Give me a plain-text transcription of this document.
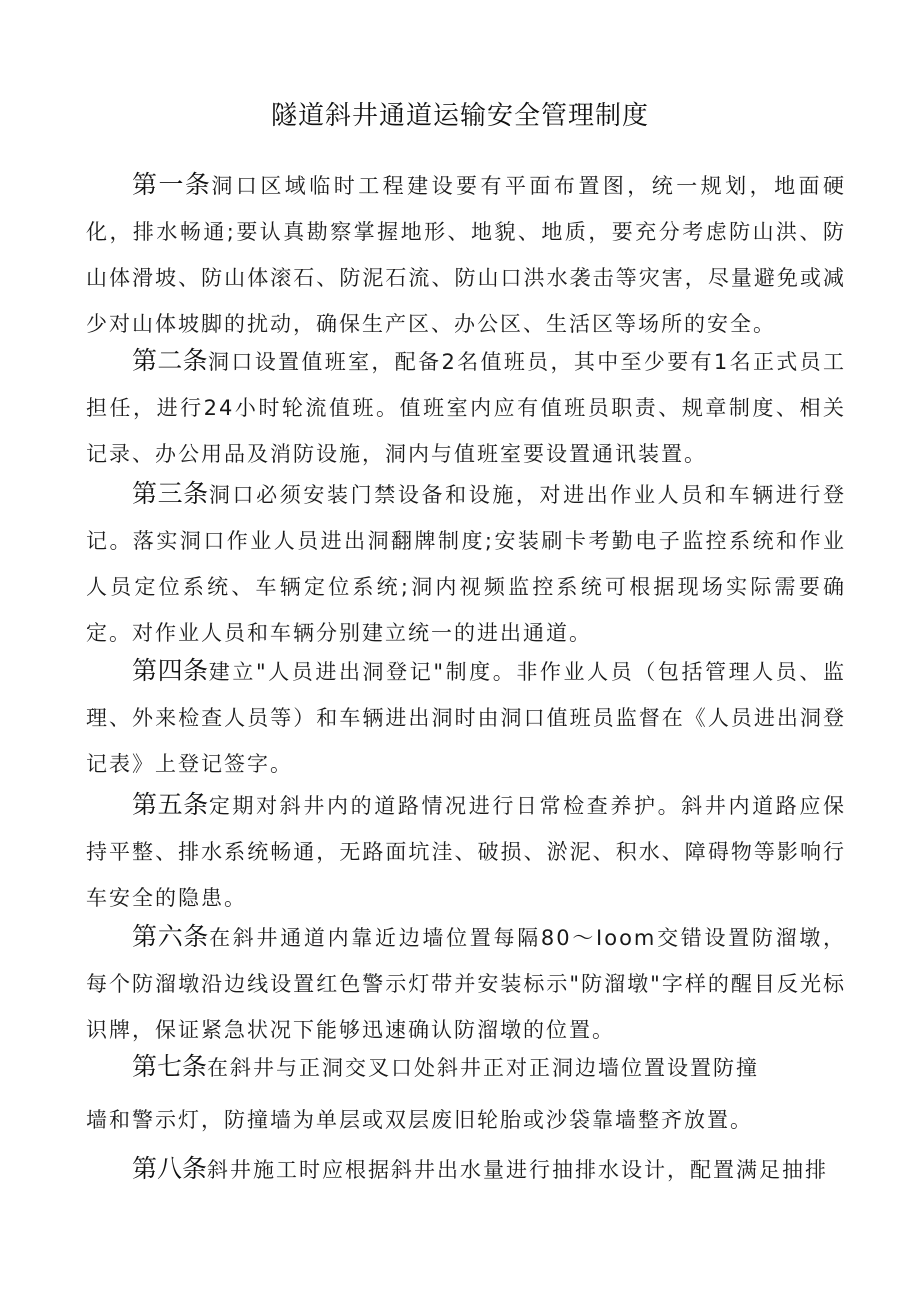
隧道斜井通道运输安全管理制度

第一条洞口区域临时工程建设要有平面布置图，统一规划，地面硬化，排水畅通;要认真勘察掌握地形、地貌、地质，要充分考虑防山洪、防山体滑坡、防山体滚石、防泥石流、防山口洪水袭击等灾害，尽量避免或减少对山体坡脚的扰动，确保生产区、办公区、生活区等场所的安全。

第二条洞口设置值班室，配备2名值班员，其中至少要有1名正式员工担任，进行24小时轮流值班。值班室内应有值班员职责、规章制度、相关记录、办公用品及消防设施，洞内与值班室要设置通讯装置。

第三条洞口必须安装门禁设备和设施，对进出作业人员和车辆进行登记。落实洞口作业人员进出洞翻牌制度;安装刷卡考勤电子监控系统和作业人员定位系统、车辆定位系统;洞内视频监控系统可根据现场实际需要确定。对作业人员和车辆分别建立统一的进出通道。

第四条建立"人员进出洞登记"制度。非作业人员（包括管理人员、监理、外来检查人员等）和车辆进出洞时由洞口值班员监督在《人员进出洞登记表》上登记签字。

第五条定期对斜井内的道路情况进行日常检查养护。斜井内道路应保持平整、排水系统畅通，无路面坑洼、破损、淤泥、积水、障碍物等影响行车安全的隐患。

第六条在斜井通道内靠近边墙位置每隔80〜Ioom交错设置防溜墩，每个防溜墩沿边线设置红色警示灯带并安装标示"防溜墩"字样的醒目反光标识牌，保证紧急状况下能够迅速确认防溜墩的位置。

第七条在斜井与正洞交叉口处斜井正对正洞边墙位置设置防撞
墙和警示灯，防撞墙为单层或双层废旧轮胎或沙袋靠墙整齐放置。

第八条斜井施工时应根据斜井出水量进行抽排水设计，配置满足抽排
